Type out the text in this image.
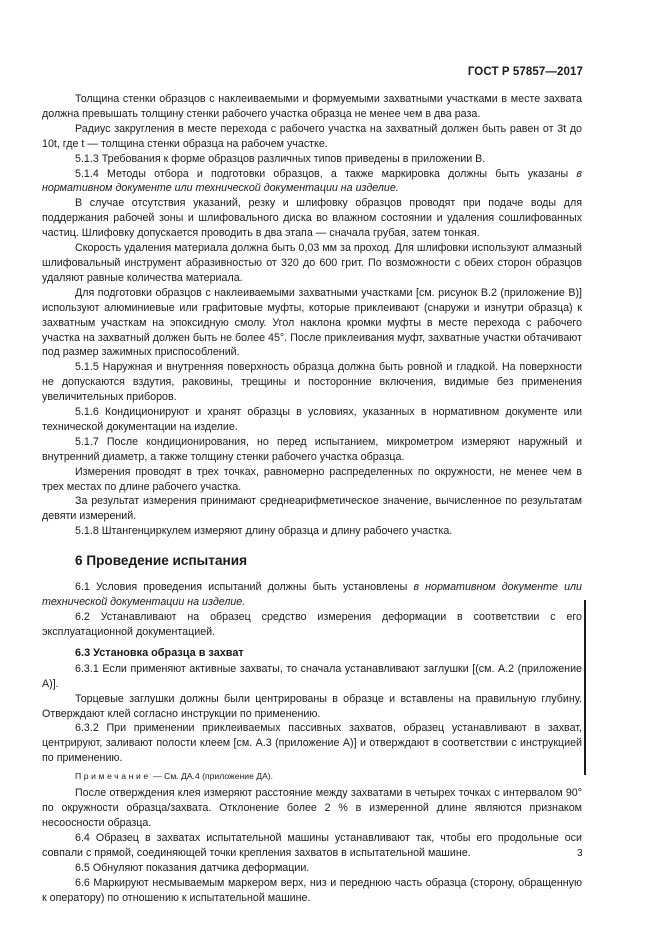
ГОСТ Р 57857—2017

Толщина стенки образцов с наклеиваемыми и формуемыми захватными участками в месте захвата должна превышать толщину стенки рабочего участка образца не менее чем в два раза.

Радиус закругления в месте перехода с рабочего участка на захватный должен быть равен от 3t до 10t, где t — толщина стенки образца на рабочем участке.

5.1.3 Требования к форме образцов различных типов приведены в приложении В.

5.1.4 Методы отбора и подготовки образцов, а также маркировка должны быть указаны в нормативном документе или технической документации на изделие.

В случае отсутствия указаний, резку и шлифовку образцов проводят при подаче воды для поддержания рабочей зоны и шлифовального диска во влажном состоянии и удаления сошлифованных частиц. Шлифовку допускается проводить в два этапа — сначала грубая, затем тонкая.

Скорость удаления материала должна быть 0,03 мм за проход. Для шлифовки используют алмазный шлифовальный инструмент абразивностью от 320 до 600 грит. По возможности с обеих сторон образцов удаляют равные количества материала.

Для подготовки образцов с наклеиваемыми захватными участками [см. рисунок В.2 (приложение В)] используют алюминиевые или графитовые муфты, которые приклеивают (снаружи и изнутри образца) к захватным участкам на эпоксидную смолу. Угол наклона кромки муфты в месте перехода с рабочего участка на захватный должен быть не более 45°. После приклеивания муфт, захватные участки обтачивают под размер зажимных приспособлений.

5.1.5 Наружная и внутренняя поверхность образца должна быть ровной и гладкой. На поверхности не допускаются вздутия, раковины, трещины и посторонние включения, видимые без применения увеличительных приборов.

5.1.6 Кондиционируют и хранят образцы в условиях, указанных в нормативном документе или технической документации на изделие.

5.1.7 После кондиционирования, но перед испытанием, микрометром измеряют наружный и внутренний диаметр, а также толщину стенки рабочего участка образца.

Измерения проводят в трех точках, равномерно распределенных по окружности, не менее чем в трех местах по длине рабочего участка.

За результат измерения принимают среднеарифметическое значение, вычисленное по результатам девяти измерений.

5.1.8 Штангенциркулем измеряют длину образца и длину рабочего участка.

6 Проведение испытания

6.1 Условия проведения испытаний должны быть установлены в нормативном документе или технической документации на изделие.

6.2 Устанавливают на образец средство измерения деформации в соответствии с его эксплуатационной документацией.

6.3 Установка образца в захват

6.3.1 Если применяют активные захваты, то сначала устанавливают заглушки [(см. А.2 (приложение А)].

Торцевые заглушки должны были центрированы в образце и вставлены на правильную глубину. Отверждают клей согласно инструкции по применению.

6.3.2 При применении приклеиваемых пассивных захватов, образец устанавливают в захват, центрируют, заливают полости клеем [см. А.3 (приложение А)] и отверждают в соответствии с инструкцией по применению.

Примечание — См. ДА.4 (приложение ДА).

После отверждения клея измеряют расстояние между захватами в четырех точках с интервалом 90° по окружности образца/захвата. Отклонение более 2 % в измеренной длине являются признаком несоосности образца.

6.4 Образец в захватах испытательной машины устанавливают так, чтобы его продольные оси совпали с прямой, соединяющей точки крепления захватов в испытательной машине.

6.5 Обнуляют показания датчика деформации.

6.6 Маркируют несмываемым маркером верх, низ и переднюю часть образца (сторону, обращенную к оператору) по отношению к испытательной машине.

3
